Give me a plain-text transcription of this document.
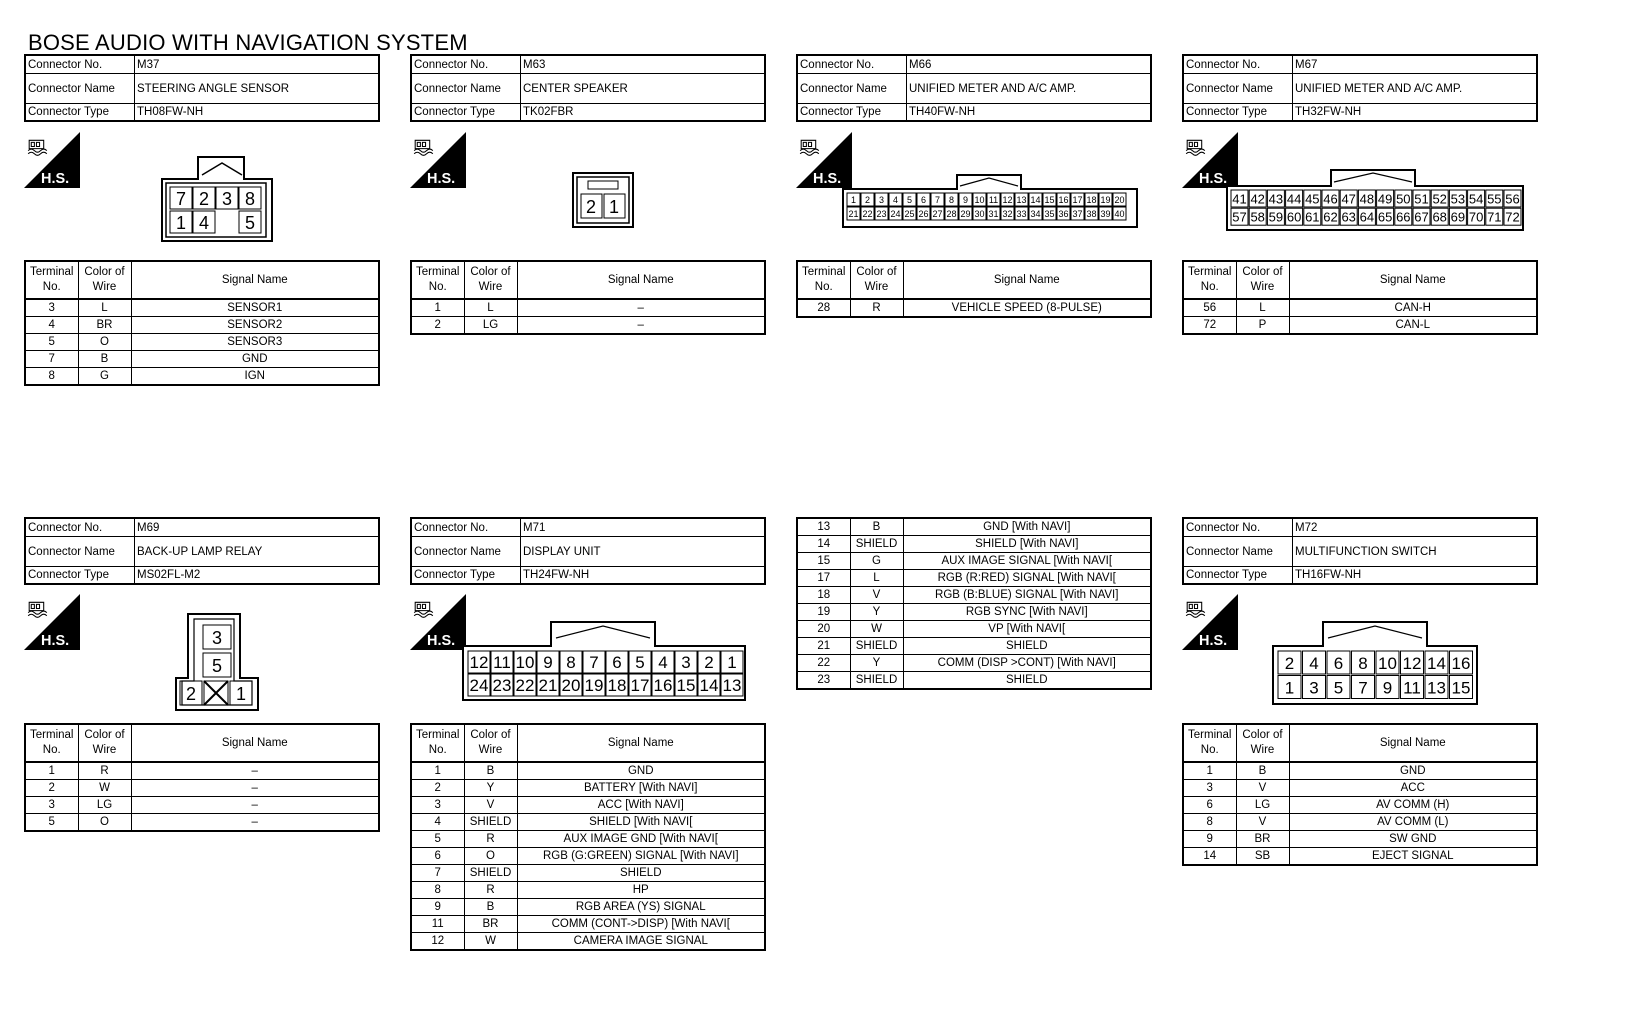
BOSE AUDIO WITH NAVIGATION SYSTEM
Connector No.	M37
Connector Name	STEERING ANGLE SENSOR
Connector Type	TH08FW-NH
H.S.
7 2 3 8
1 4 5
Terminal No.	Color of Wire	Signal Name
3	L	SENSOR1
4	BR	SENSOR2
5	O	SENSOR3
7	B	GND
8	G	IGN
Connector No.	M63
Connector Name	CENTER SPEAKER
Connector Type	TK02FBR
H.S.
2 1
Terminal No.	Color of Wire	Signal Name
1	L	–
2	LG	–
Connector No.	M66
Connector Name	UNIFIED METER AND A/C AMP.
Connector Type	TH40FW-NH
H.S.
1 2 3 4 5 6 7 8 9 10 11 12 13 14 15 16 17 18 19 20
21 22 23 24 25 26 27 28 29 30 31 32 33 34 35 36 37 38 39 40
Terminal No.	Color of Wire	Signal Name
28	R	VEHICLE SPEED (8-PULSE)
Connector No.	M67
Connector Name	UNIFIED METER AND A/C AMP.
Connector Type	TH32FW-NH
H.S.
41 42 43 44 45 46 47 48 49 50 51 52 53 54 55 56
57 58 59 60 61 62 63 64 65 66 67 68 69 70 71 72
Terminal No.	Color of Wire	Signal Name
56	L	CAN-H
72	P	CAN-L
Connector No.	M69
Connector Name	BACK-UP LAMP RELAY
Connector Type	MS02FL-M2
H.S.	3
5
2 1
Terminal No.	Color of Wire	Signal Name
1	R	–
2	W	–
3	LG	–
5	O	–
Connector No.	M71
Connector Name	DISPLAY UNIT
Connector Type	TH24FW-NH
H.S.
12 11 10 9 8 7 6 5 4 3 2 1
24 23 22 21 20 19 18 17 16 15 14 13
Terminal No.	Color of Wire	Signal Name
1	B	GND
2	Y	BATTERY [With NAVI]
3	V	ACC [With NAVI]
4	SHIELD	SHIELD [With NAVI[
5	R	AUX IMAGE GND [With NAVI[
6	O	RGB (G:GREEN) SIGNAL [With NAVI]
7	SHIELD	SHIELD
8	R	HP
9	B	RGB AREA (YS) SIGNAL
11	BR	COMM (CONT->DISP) [With NAVI[
12	W	CAMERA IMAGE SIGNAL
13	B	GND [With NAVI]
14	SHIELD	SHIELD [With NAVI]
15	G	AUX IMAGE SIGNAL [With NAVI[
17	L	RGB (R:RED) SIGNAL [With NAVI[
18	V	RGB (B:BLUE) SIGNAL [With NAVI]
19	Y	RGB SYNC [With NAVI]
20	W	VP [With NAVI[
21	SHIELD	SHIELD
22	Y	COMM (DISP >CONT) [With NAVI]
23	SHIELD	SHIELD
Connector No.	M72
Connector Name	MULTIFUNCTION SWITCH
Connector Type	TH16FW-NH
H.S.
2 4 6 8 10 12 14 16
1 3 5 7 9 11 13 15
Terminal No.	Color of Wire	Signal Name
1	B	GND
3	V	ACC
6	LG	AV COMM (H)
8	V	AV COMM (L)
9	BR	SW GND
14	SB	EJECT SIGNAL
